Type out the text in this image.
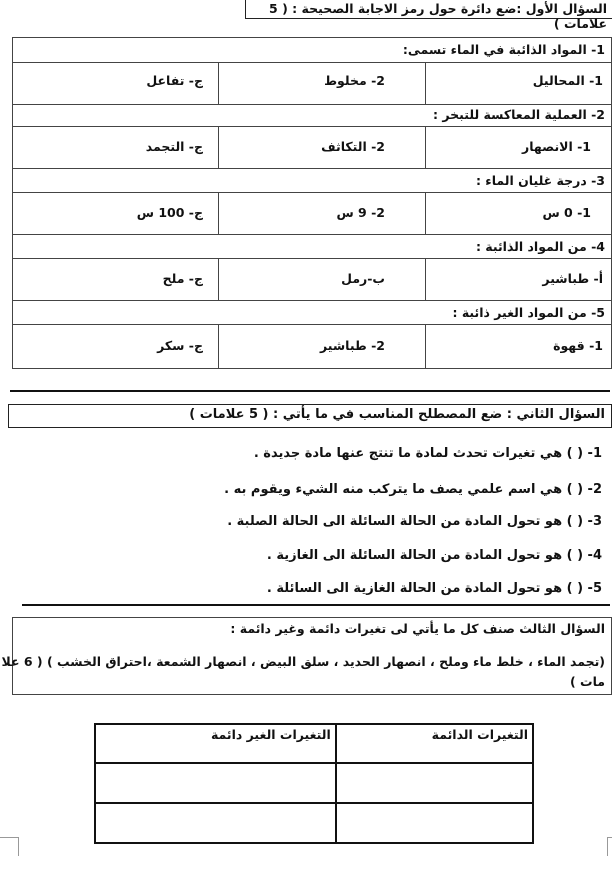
السؤال الأول :ضع دائرة حول رمز الاجابة الصحيحة : ( 5 علامات )
1- المواد الذائبة في الماء تسمى:
1- المحاليل
2- مخلوط
ج- تفاعل
2- العملية المعاكسة للتبخر :
1- الانصهار
2- التكاثف
ج- التجمد
3- درجة غليان الماء :
1- 0 س
2- 9 س
ج- 100 س
4- من المواد الذائبة :
أ- طباشير
ب-رمل
ج- ملح
5- من المواد الغير ذائبة :
1- قهوة
2- طباشير
ج- سكر
السؤال الثاني : ضع المصطلح المناسب في ما يأتي : ( 5 علامات )
1- ( ) هي تغيرات تحدث لمادة ما تنتج عنها مادة جديدة .
2- ( ) هي اسم علمي يصف ما يتركب منه الشيء ويقوم به .
3- ( ) هو تحول المادة من الحالة السائلة الى الحالة الصلبة .
4- ( ) هو تحول المادة من الحالة السائلة الى الغازية .
5- ( ) هو تحول المادة من الحالة الغازية الى السائلة .
السؤال الثالث صنف كل ما يأتي لى تغيرات دائمة وغير دائمة :
(تجمد الماء ، خلط ماء وملح ، انصهار الحديد ، سلق البيض ، انصهار الشمعة ،احتراق الخشب ) ( 6 علا
مات )
التغيرات الدائمة	التغيرات الغير دائمة
